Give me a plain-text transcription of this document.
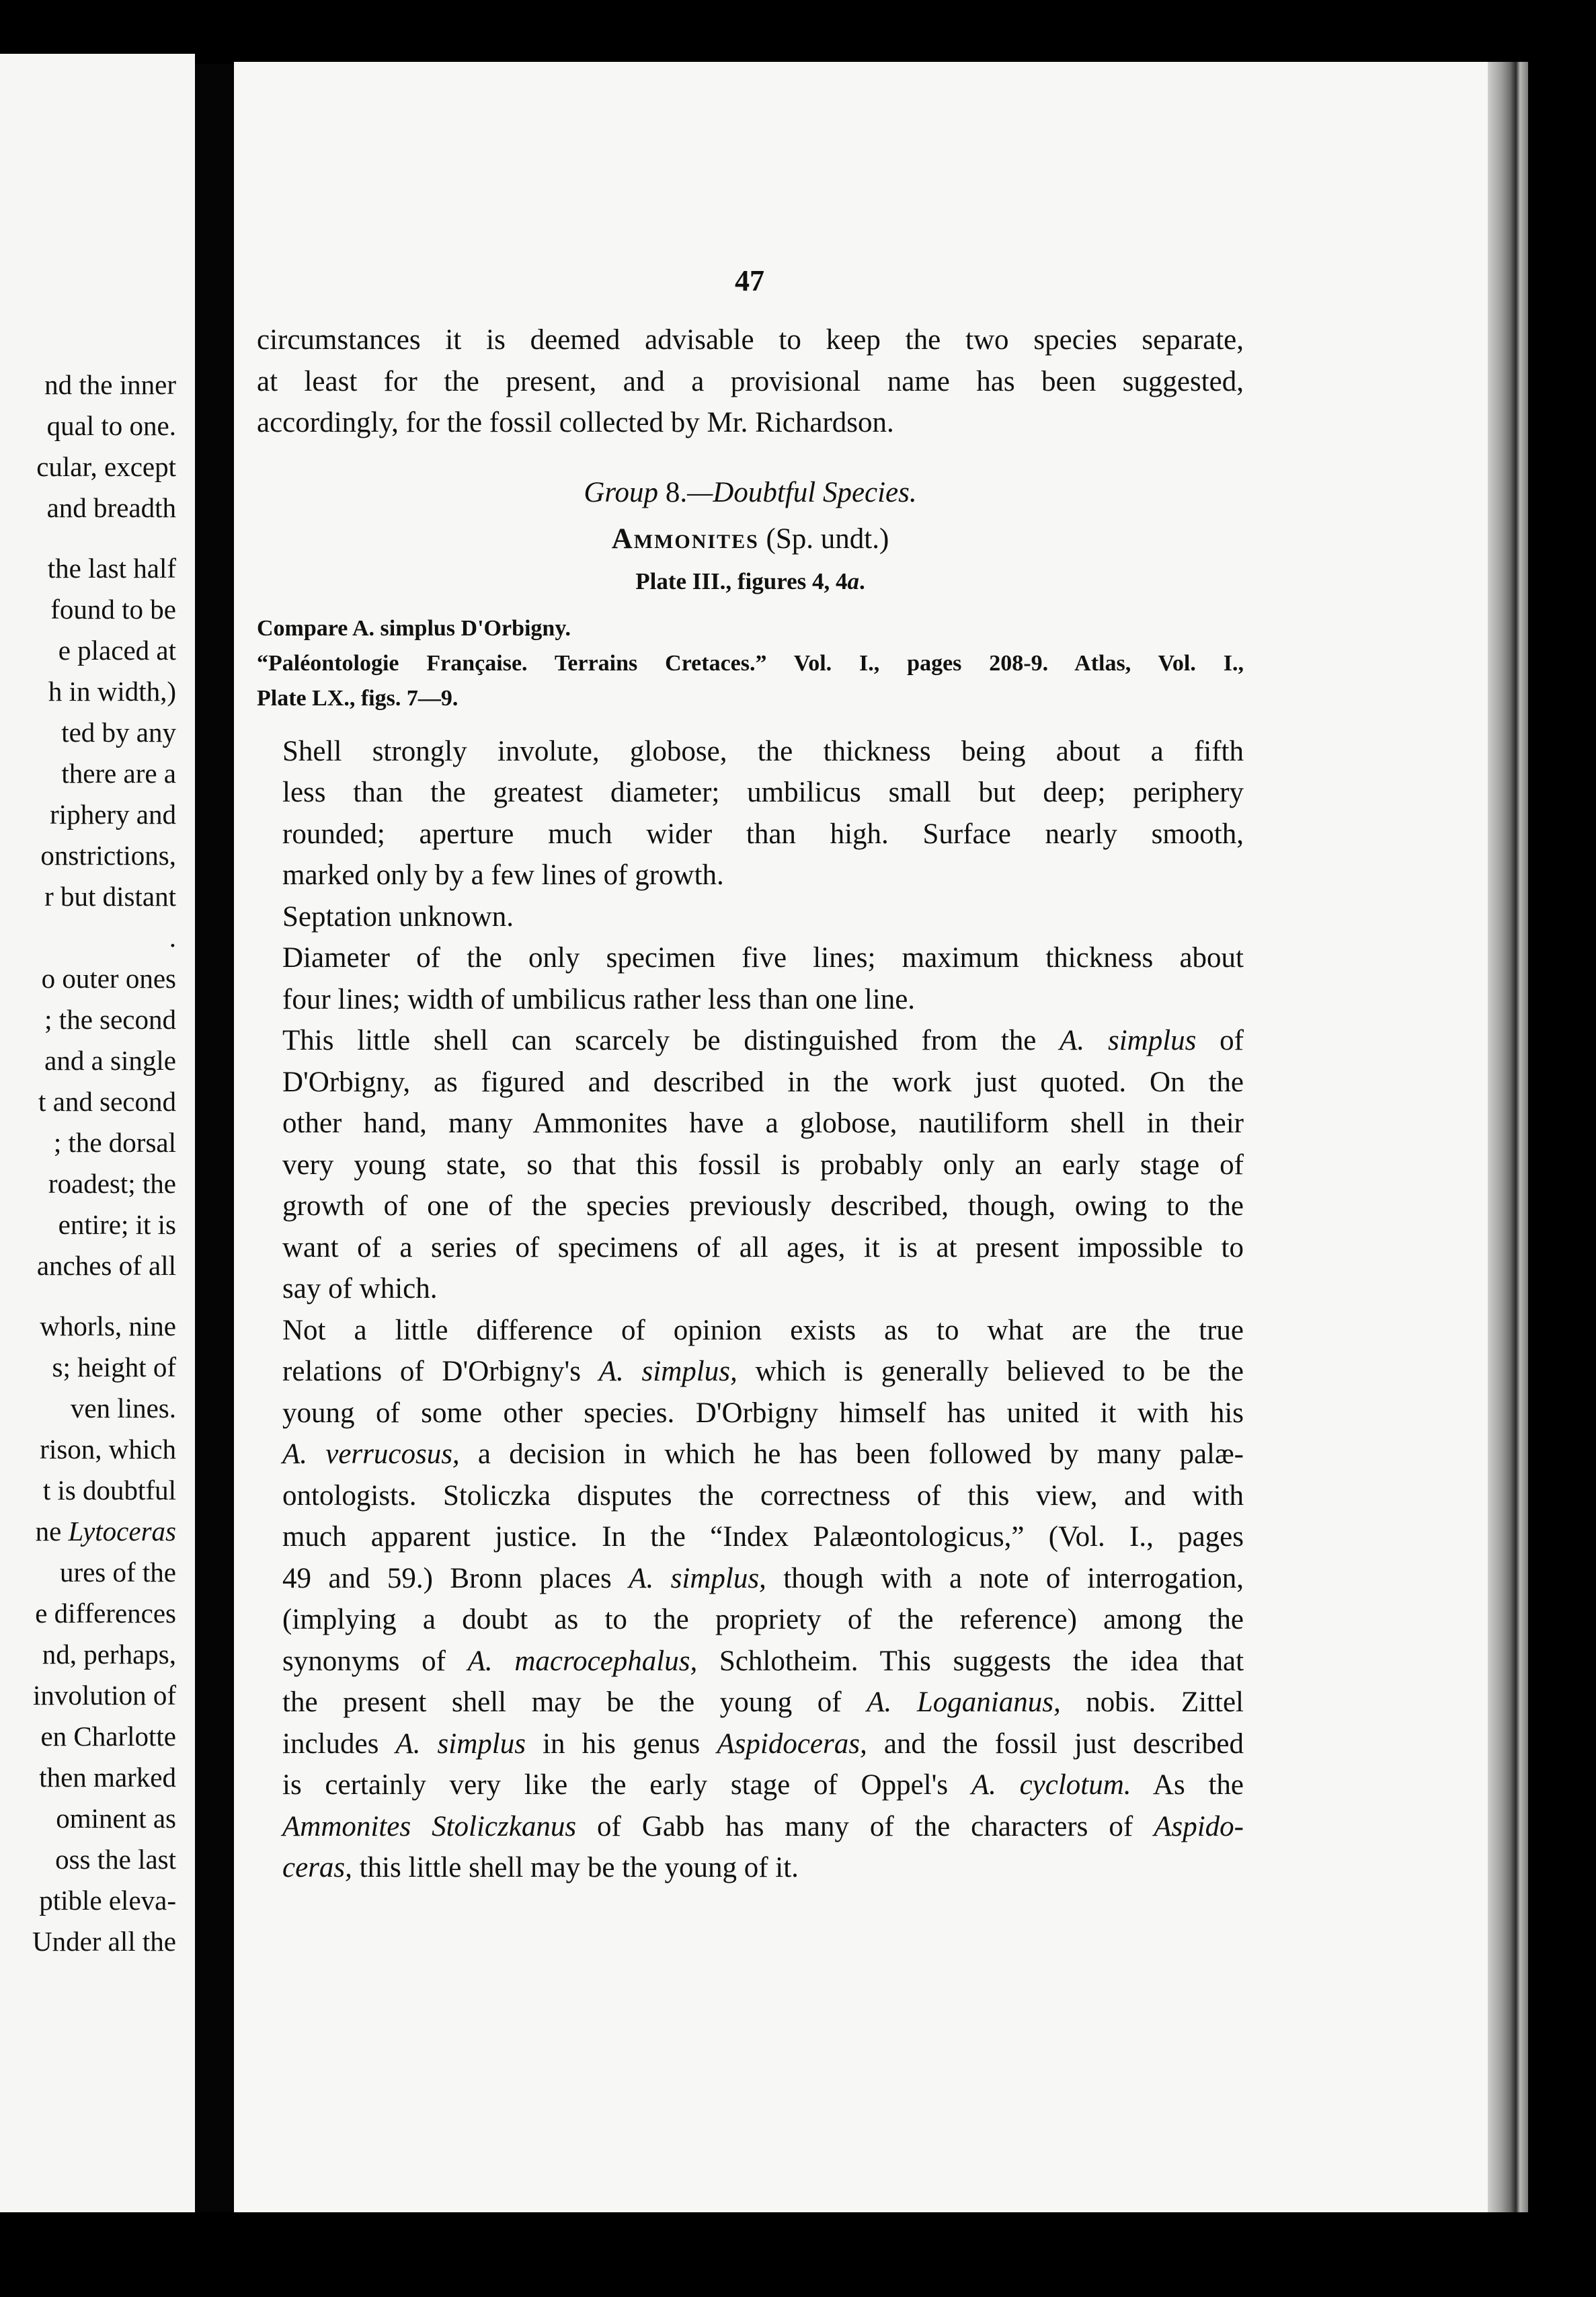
nd the inner
qual to one.
cular, except
and breadth
the last half
found to be
e placed at
h in width,)
ted by any
there are a
riphery and
onstrictions,
r but distant
.
o outer ones
; the second
and a single
t and second
; the dorsal
roadest; the
entire; it is
anches of all
whorls, nine
s; height of
ven lines.
rison, which
t is doubtful
ne Lytoceras
ures of the
e differences
nd, perhaps,
involution of
en Charlotte
then marked
ominent as
oss the last
ptible eleva-
Under all the
47

circumstances it is deemed advisable to keep the two species separate,
at least for the present, and a provisional name has been suggested,
accordingly, for the fossil collected by Mr. Richardson.

Group 8.—Doubtful Species.

Ammonites (Sp. undt.)

Plate III., figures 4, 4a.

Compare A. simplus D'Orbigny.
“Paléontologie Française. Terrains Cretaces.” Vol. I., pages 208-9. Atlas, Vol. I.,
Plate LX., figs. 7—9.

Shell strongly involute, globose, the thickness being about a fifth
less than the greatest diameter; umbilicus small but deep; periphery
rounded; aperture much wider than high. Surface nearly smooth,
marked only by a few lines of growth.

Septation unknown.

Diameter of the only specimen five lines; maximum thickness about
four lines; width of umbilicus rather less than one line.

This little shell can scarcely be distinguished from the A. simplus of
D'Orbigny, as figured and described in the work just quoted. On the
other hand, many Ammonites have a globose, nautiliform shell in their
very young state, so that this fossil is probably only an early stage of
growth of one of the species previously described, though, owing to the
want of a series of specimens of all ages, it is at present impossible to
say of which.

Not a little difference of opinion exists as to what are the true
relations of D'Orbigny's A. simplus, which is generally believed to be the
young of some other species. D'Orbigny himself has united it with his
A. verrucosus, a decision in which he has been followed by many palæ-
ontologists. Stoliczka disputes the correctness of this view, and with
much apparent justice. In the “Index Palæontologicus,” (Vol. I., pages
49 and 59.) Bronn places A. simplus, though with a note of interrogation,
(implying a doubt as to the propriety of the reference) among the
synonyms of A. macrocephalus, Schlotheim. This suggests the idea that
the present shell may be the young of A. Loganianus, nobis. Zittel
includes A. simplus in his genus Aspidoceras, and the fossil just described
is certainly very like the early stage of Oppel's A. cyclotum. As the
Ammonites Stoliczkanus of Gabb has many of the characters of Aspido-
ceras, this little shell may be the young of it.
